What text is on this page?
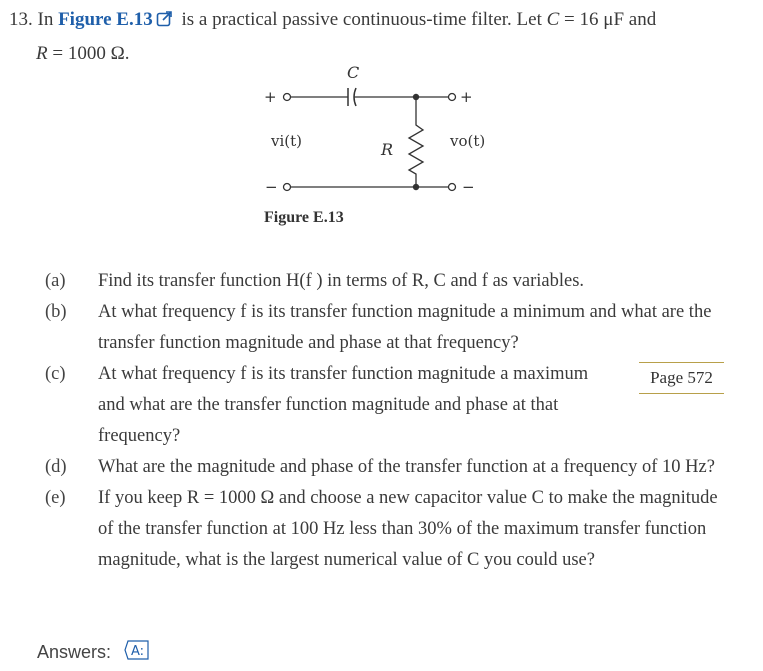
13. In Figure E.13 is a practical passive continuous-time filter. Let C = 16 μF and
R = 1000 Ω.
+
C
+
R
−	−
vi(t)	vo(t)
Figure E.13
(a)	Find its transfer function H(f ) in terms of R, C and f as variables.
(b)	At what frequency f is its transfer function magnitude a minimum and what are the transfer function magnitude and phase at that frequency?
(c)	At what frequency f is its transfer function magnitude a maximum and what are the transfer function magnitude and phase at that frequency?
(d)	What are the magnitude and phase of the transfer function at a frequency of 10 Hz?
(e)	If you keep R = 1000 Ω and choose a new capacitor value C to make the magnitude of the transfer function at 100 Hz less than 30% of the maximum transfer function magnitude, what is the largest numerical value of C you could use?
Page 572
Answers: A:
